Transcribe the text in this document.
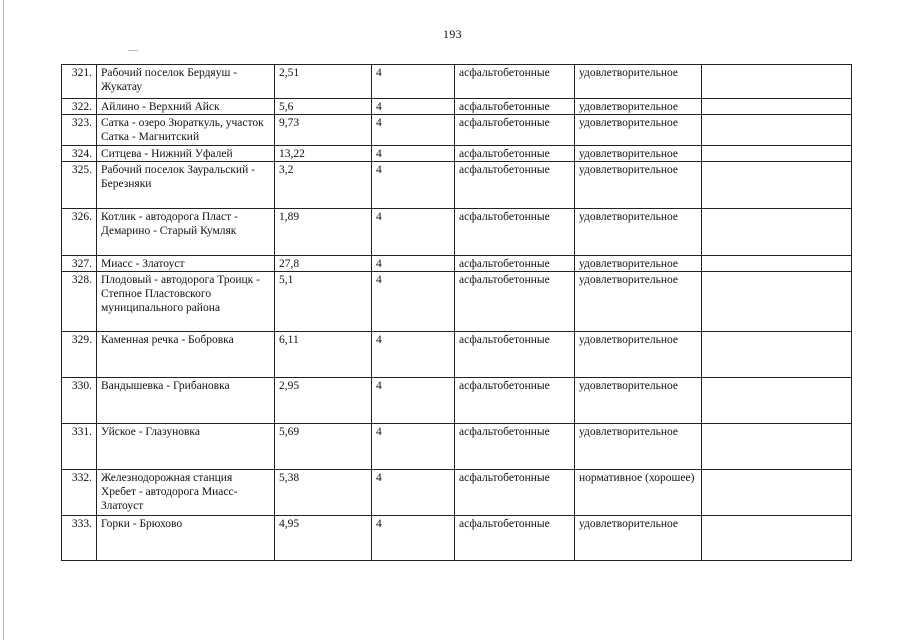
193
321.	Рабочий поселок Бердяуш - Жукатау	2,51	4	асфальтобетонные	удовлетворительное	
322.	Айлино - Верхний Айск	5,6	4	асфальтобетонные	удовлетворительное	
323.	Сатка - озеро Зюраткуль, участок Сатка - Магнитский	9,73	4	асфальтобетонные	удовлетворительное	
324.	Ситцева - Нижний Уфалей	13,22	4	асфальтобетонные	удовлетворительное	
325.	Рабочий поселок Зауральский - Березняки	3,2	4	асфальтобетонные	удовлетворительное	
326.	Котлик - автодорога Пласт - Демарино - Старый Кумляк	1,89	4	асфальтобетонные	удовлетворительное	
327.	Миасс - Златоуст	27,8	4	асфальтобетонные	удовлетворительное	
328.	Плодовый - автодорога Троицк - Степное Пластовского муниципального района	5,1	4	асфальтобетонные	удовлетворительное	
329.	Каменная речка - Бобровка	6,11	4	асфальтобетонные	удовлетворительное	
330.	Вандышевка - Грибановка	2,95	4	асфальтобетонные	удовлетворительное	
331.	Уйское - Глазуновка	5,69	4	асфальтобетонные	удовлетворительное	
332.	Железнодорожная станция Хребет - автодорога Миасс-Златоуст	5,38	4	асфальтобетонные	нормативное (хорошее)	
333.	Горки - Брюхово	4,95	4	асфальтобетонные	удовлетворительное	
